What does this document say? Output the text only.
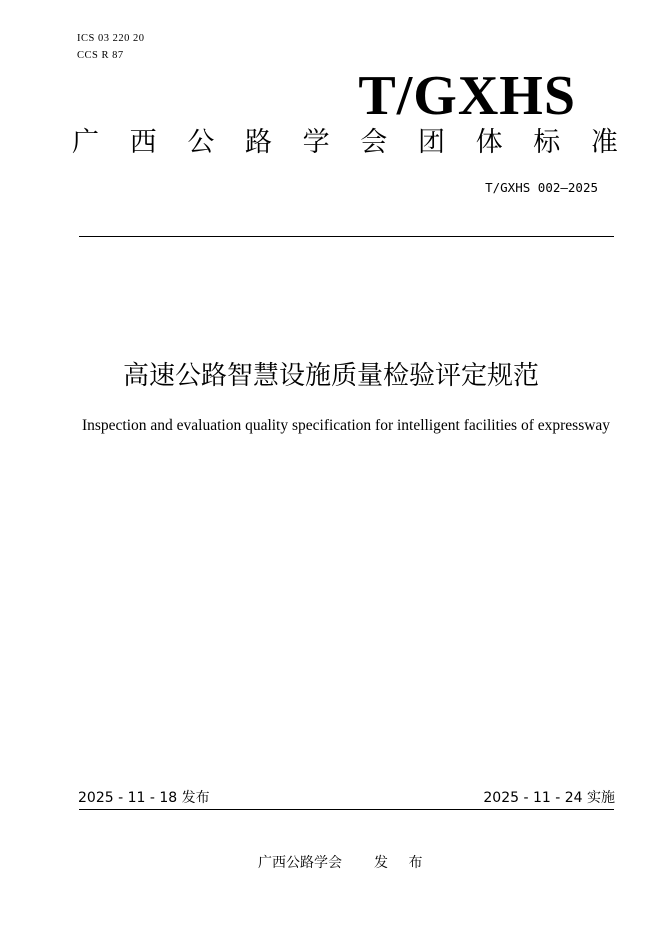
ICS 03 220 20
CCS R 87
T/GXHS
广 西 公 路 学 会 团 体 标 准
T/GXHS 002—2025
高速公路智慧设施质量检验评定规范
Inspection and evaluation quality specification for intelligent facilities of expressway
2025 - 11 - 18 发布	2025 - 11 - 24 实施
广西公路学会 发 布
